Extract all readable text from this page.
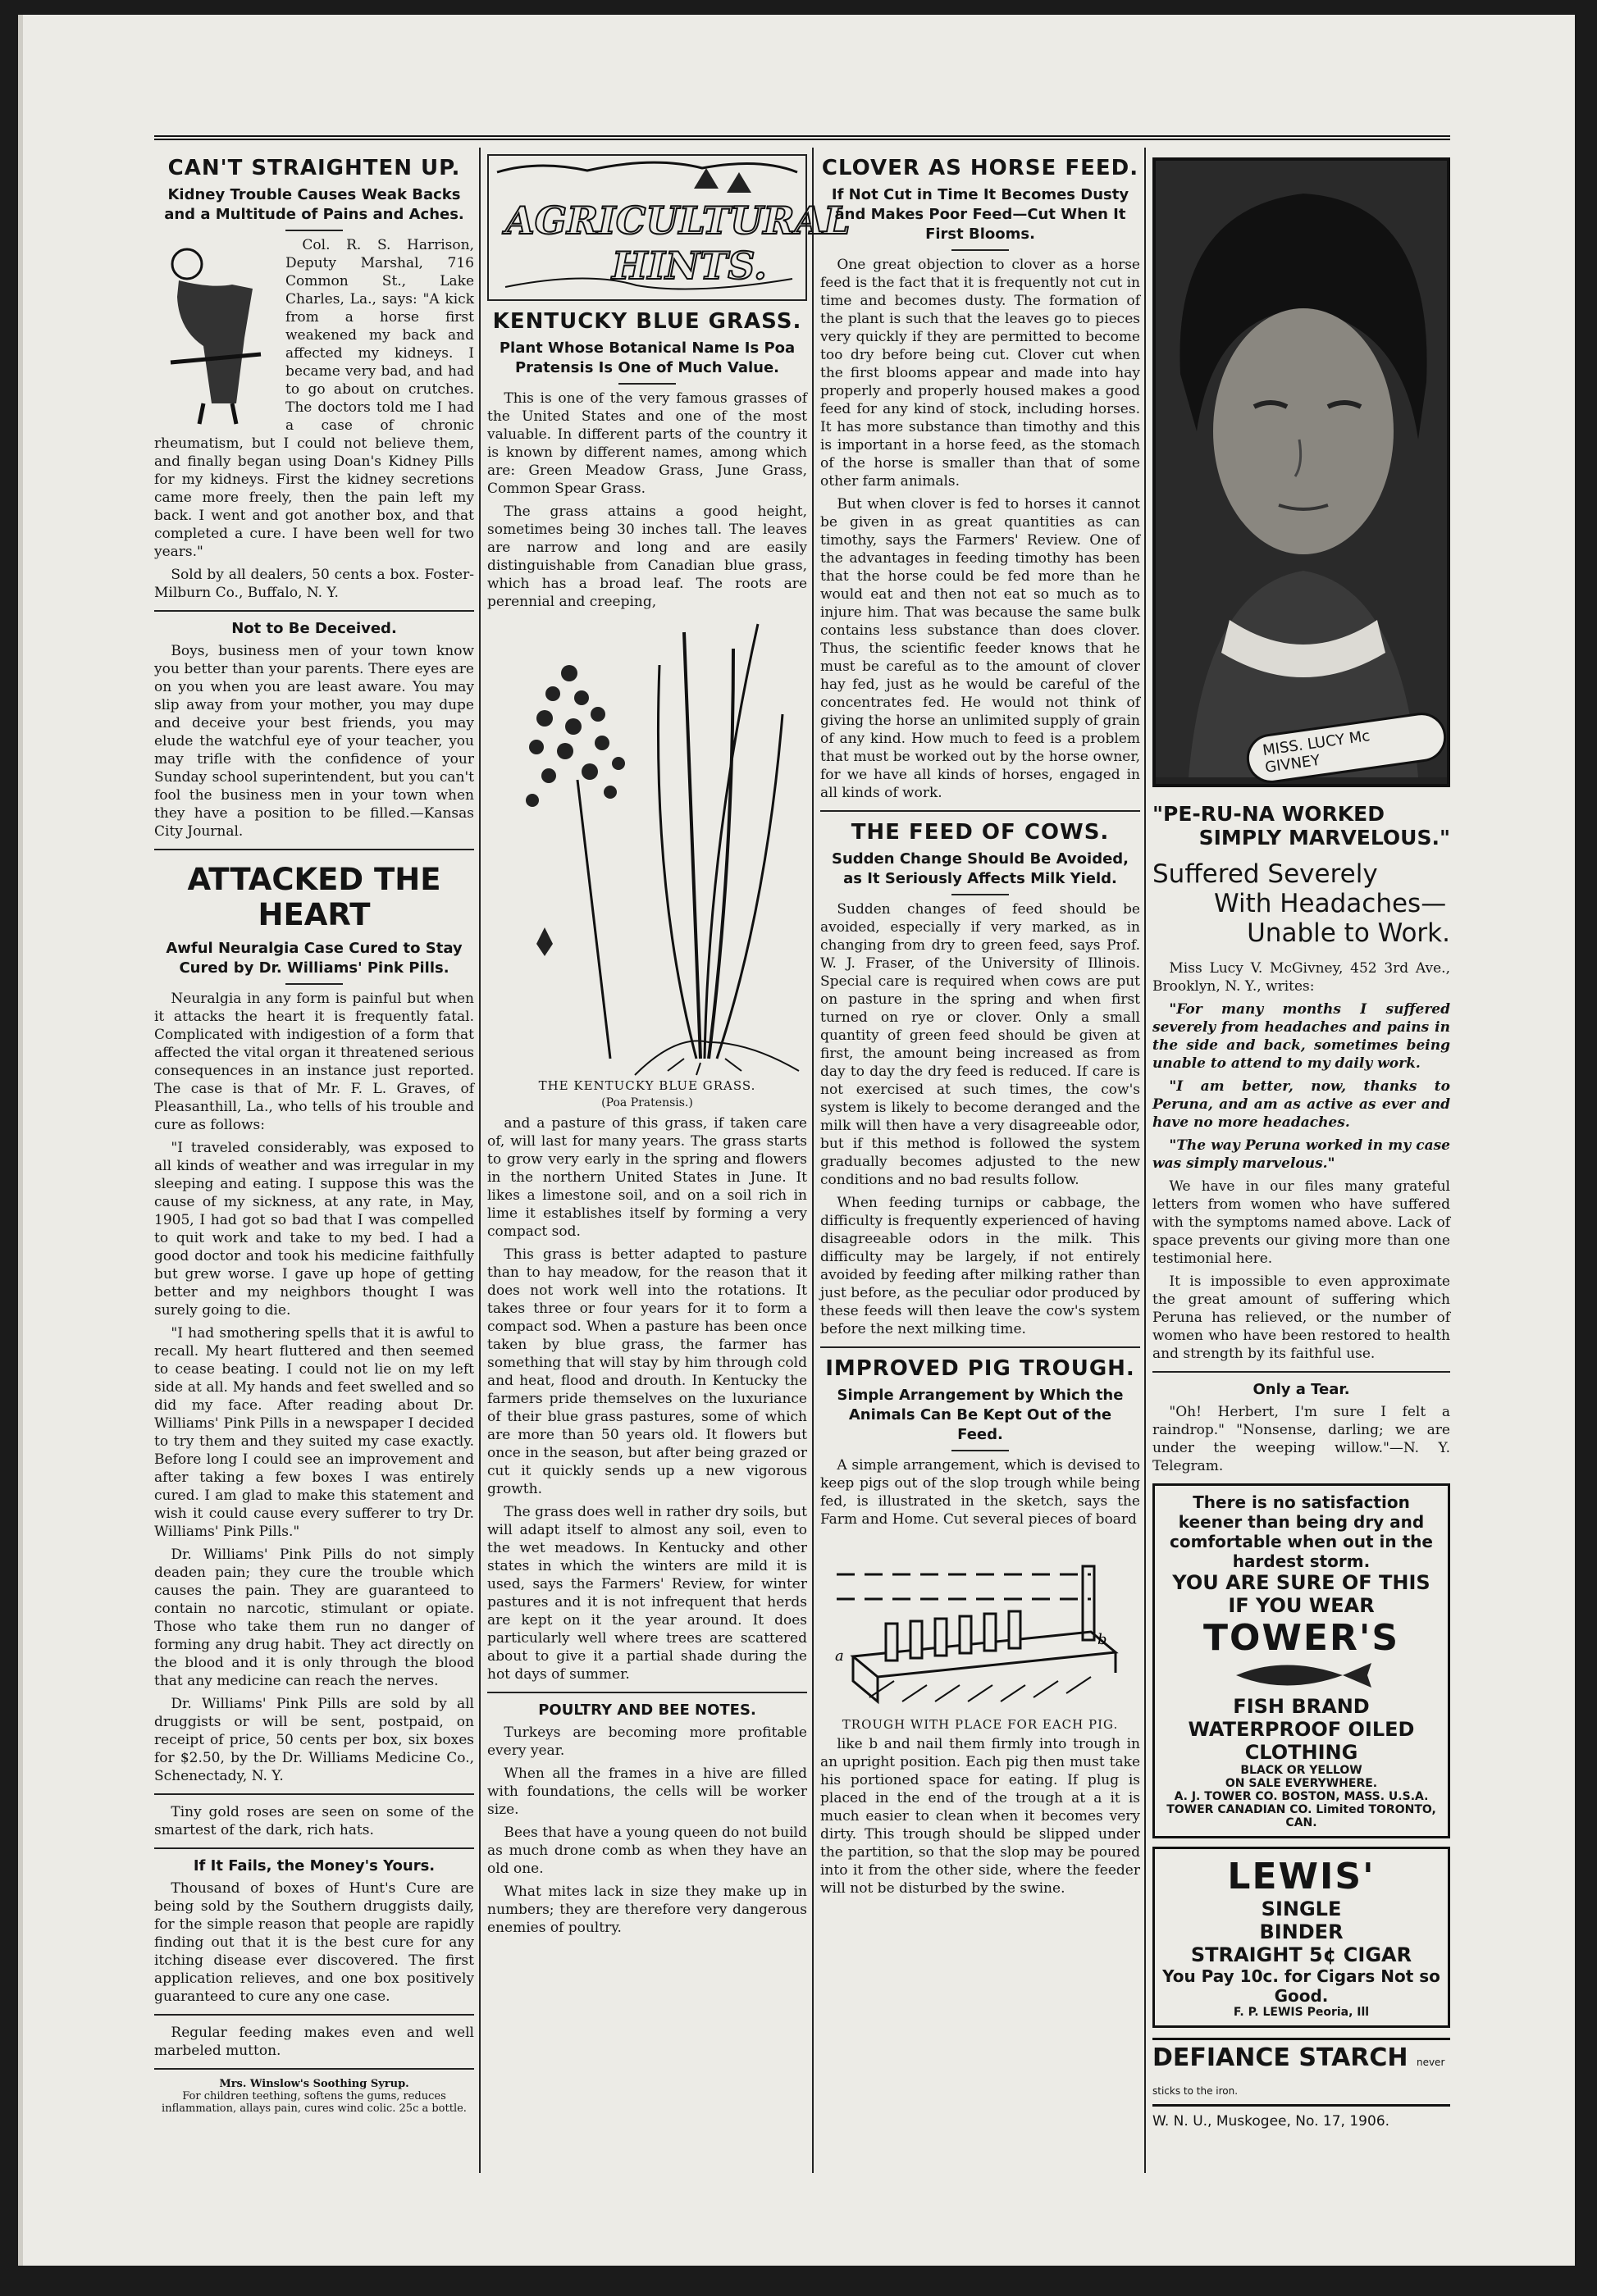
CAN'T STRAIGHTEN UP.
Kidney Trouble Causes Weak Backs and a Multitude of Pains and Aches.

Col. R. S. Harrison, Deputy Marshal, 716 Common St., Lake Charles, La., says: "A kick from a horse first weakened my back and affected my kidneys. I became very bad, and had to go about on crutches. The doctors told me I had a case of chronic rheumatism, but I could not believe them, and finally began using Doan's Kidney Pills for my kidneys. First the kidney secretions came more freely, then the pain left my back. I went and got another box, and that completed a cure. I have been well for two years."

Sold by all dealers, 50 cents a box. Foster-Milburn Co., Buffalo, N. Y.

Not to Be Deceived.

Boys, business men of your town know you better than your parents. There eyes are on you when you are least aware. You may slip away from your mother, you may dupe and deceive your best friends, you may elude the watchful eye of your teacher, you may trifle with the confidence of your Sunday school superintendent, but you can't fool the business men in your town when they have a position to be filled.—Kansas City Journal.

ATTACKED THE HEART
Awful Neuralgia Case Cured to Stay Cured by Dr. Williams' Pink Pills.

Neuralgia in any form is painful but when it attacks the heart it is frequently fatal. Complicated with indigestion of a form that affected the vital organ it threatened serious consequences in an instance just reported. The case is that of Mr. F. L. Graves, of Pleasanthill, La., who tells of his trouble and cure as follows:

"I traveled considerably, was exposed to all kinds of weather and was irregular in my sleeping and eating. I suppose this was the cause of my sickness, at any rate, in May, 1905, I had got so bad that I was compelled to quit work and take to my bed. I had a good doctor and took his medicine faithfully but grew worse. I gave up hope of getting better and my neighbors thought I was surely going to die.

"I had smothering spells that it is awful to recall. My heart fluttered and then seemed to cease beating. I could not lie on my left side at all. My hands and feet swelled and so did my face. After reading about Dr. Williams' Pink Pills in a newspaper I decided to try them and they suited my case exactly. Before long I could see an improvement and after taking a few boxes I was entirely cured. I am glad to make this statement and wish it could cause every sufferer to try Dr. Williams' Pink Pills."

Dr. Williams' Pink Pills do not simply deaden pain; they cure the trouble which causes the pain. They are guaranteed to contain no narcotic, stimulant or opiate. Those who take them run no danger of forming any drug habit. They act directly on the blood and it is only through the blood that any medicine can reach the nerves.

Dr. Williams' Pink Pills are sold by all druggists or will be sent, postpaid, on receipt of price, 50 cents per box, six boxes for $2.50, by the Dr. Williams Medicine Co., Schenectady, N. Y.

Tiny gold roses are seen on some of the smartest of the dark, rich hats.

If It Fails, the Money's Yours.

Thousand of boxes of Hunt's Cure are being sold by the Southern druggists daily, for the simple reason that people are rapidly finding out that it is the best cure for any itching disease ever discovered. The first application relieves, and one box positively guaranteed to cure any one case.

Regular feeding makes even and well marbeled mutton.

Mrs. Winslow's Soothing Syrup.
For children teething, softens the gums, reduces inflammation, allays pain, cures wind colic. 25c a bottle.
AGRICULTURAL
HINTS.
KENTUCKY BLUE GRASS.
Plant Whose Botanical Name Is Poa Pratensis Is One of Much Value.

This is one of the very famous grasses of the United States and one of the most valuable. In different parts of the country it is known by different names, among which are: Green Meadow Grass, June Grass, Common Spear Grass.

The grass attains a good height, sometimes being 30 inches tall. The leaves are narrow and long and are easily distinguishable from Canadian blue grass, which has a broad leaf. The roots are perennial and creeping,

THE KENTUCKY BLUE GRASS.
(Poa Pratensis.)

and a pasture of this grass, if taken care of, will last for many years. The grass starts to grow very early in the spring and flowers in the northern United States in June. It likes a limestone soil, and on a soil rich in lime it establishes itself by forming a very compact sod.

This grass is better adapted to pasture than to hay meadow, for the reason that it does not work well into the rotations. It takes three or four years for it to form a compact sod. When a pasture has been once taken by blue grass, the farmer has something that will stay by him through cold and heat, flood and drouth. In Kentucky the farmers pride themselves on the luxuriance of their blue grass pastures, some of which are more than 50 years old. It flowers but once in the season, but after being grazed or cut it quickly sends up a new vigorous growth.

The grass does well in rather dry soils, but will adapt itself to almost any soil, even to the wet meadows. In Kentucky and other states in which the winters are mild it is used, says the Farmers' Review, for winter pastures and it is not infrequent that herds are kept on it the year around. It does particularly well where trees are scattered about to give it a partial shade during the hot days of summer.

POULTRY AND BEE NOTES.

Turkeys are becoming more profitable every year.

When all the frames in a hive are filled with foundations, the cells will be worker size.

Bees that have a young queen do not build as much drone comb as when they have an old one.

What mites lack in size they make up in numbers; they are therefore very dangerous enemies of poultry.

CLOVER AS HORSE FEED.
If Not Cut in Time It Becomes Dusty and Makes Poor Feed—Cut When It First Blooms.

One great objection to clover as a horse feed is the fact that it is frequently not cut in time and becomes dusty. The formation of the plant is such that the leaves go to pieces very quickly if they are permitted to become too dry before being cut. Clover cut when the first blooms appear and made into hay properly and properly housed makes a good feed for any kind of stock, including horses. It has more substance than timothy and this is important in a horse feed, as the stomach of the horse is smaller than that of some other farm animals.

But when clover is fed to horses it cannot be given in as great quantities as can timothy, says the Farmers' Review. One of the advantages in feeding timothy has been that the horse could be fed more than he would eat and then not eat so much as to injure him. That was because the same bulk contains less substance than does clover. Thus, the scientific feeder knows that he must be careful as to the amount of clover hay fed, just as he would be careful of the concentrates fed. He would not think of giving the horse an unlimited supply of grain of any kind. How much to feed is a problem that must be worked out by the horse owner, for we have all kinds of horses, engaged in all kinds of work.

THE FEED OF COWS.
Sudden Change Should Be Avoided, as It Seriously Affects Milk Yield.

Sudden changes of feed should be avoided, especially if very marked, as in changing from dry to green feed, says Prof. W. J. Fraser, of the University of Illinois. Special care is required when cows are put on pasture in the spring and when first turned on rye or clover. Only a small quantity of green feed should be given at first, the amount being increased as from day to day the dry feed is reduced. If care is not exercised at such times, the cow's system is likely to become deranged and the milk will then have a very disagreeable odor, but if this method is followed the system gradually becomes adjusted to the new conditions and no bad results follow.

When feeding turnips or cabbage, the difficulty is frequently experienced of having disagreeable odors in the milk. This difficulty may be largely, if not entirely avoided by feeding after milking rather than just before, as the peculiar odor produced by these feeds will then leave the cow's system before the next milking time.

IMPROVED PIG TROUGH.
Simple Arrangement by Which the Animals Can Be Kept Out of the Feed.

A simple arrangement, which is devised to keep pigs out of the slop trough while being fed, is illustrated in the sketch, says the Farm and Home. Cut several pieces of board

a
b
TROUGH WITH PLACE FOR EACH PIG.

like b and nail them firmly into trough in an upright position. Each pig then must take his portioned space for eating. If plug is placed in the end of the trough at a it is much easier to clean when it becomes very dirty. This trough should be slipped under the partition, so that the slop may be poured into it from the other side, where the feeder will not be disturbed by the swine.

MISS. LUCY Mc GIVNEY
"PE-RU-NA WORKED
SIMPLY MARVELOUS."
Suffered Severely
With Headaches—
Unable to Work.

Miss Lucy V. McGivney, 452 3rd Ave., Brooklyn, N. Y., writes:

"For many months I suffered severely from headaches and pains in the side and back, sometimes being unable to attend to my daily work.

"I am better, now, thanks to Peruna, and am as active as ever and have no more headaches.

"The way Peruna worked in my case was simply marvelous."

We have in our files many grateful letters from women who have suffered with the symptoms named above. Lack of space prevents our giving more than one testimonial here.

It is impossible to even approximate the great amount of suffering which Peruna has relieved, or the number of women who have been restored to health and strength by its faithful use.

Only a Tear.

"Oh! Herbert, I'm sure I felt a raindrop." "Nonsense, darling; we are under the weeping willow."—N. Y. Telegram.

There is no satisfaction keener than being dry and comfortable when out in the hardest storm.
YOU ARE SURE OF THIS IF YOU WEAR
TOWER'S
FISH BRAND
WATERPROOF OILED CLOTHING
BLACK OR YELLOW
ON SALE EVERYWHERE.
A. J. TOWER CO. BOSTON, MASS. U.S.A. TOWER CANADIAN CO. Limited TORONTO, CAN.
LEWIS'
SINGLE
BINDER
STRAIGHT 5¢ CIGAR
You Pay 10c. for Cigars Not so Good.
F. P. LEWIS Peoria, Ill
DEFIANCE STARCH never sticks to the iron.
W. N. U., Muskogee, No. 17, 1906.
